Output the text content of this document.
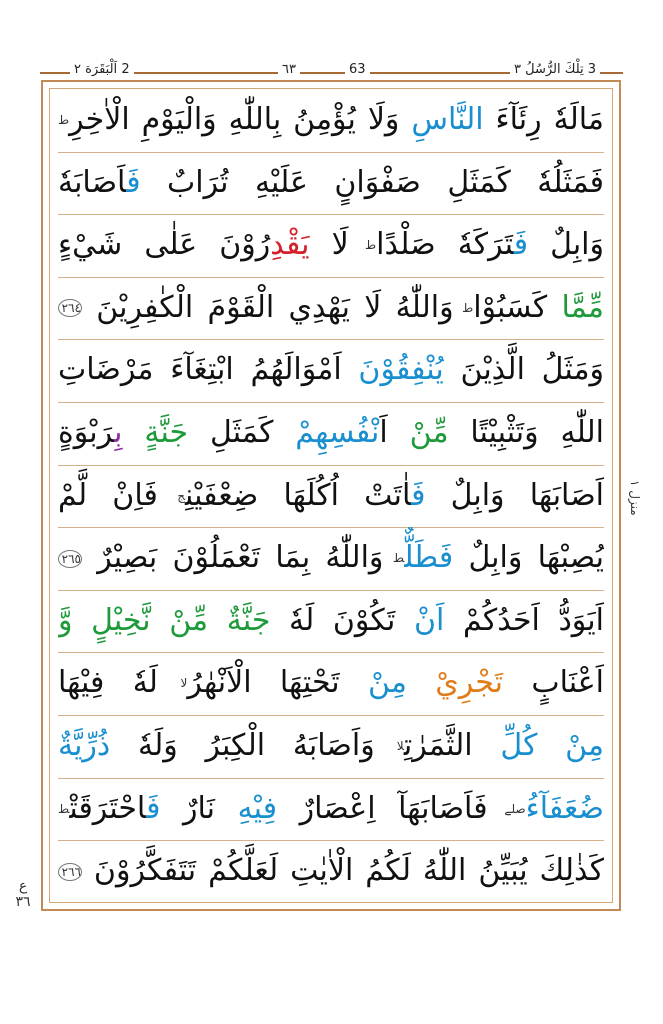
2 اَلْبَقَرَة ٢	٦٣	63	3 تِلْكَ الرُّسُلُ ٣
مَالَهٗ رِئَآءَ النَّاسِ وَلَا يُؤْمِنُ بِاللّٰهِ وَالْيَوْمِ الْاٰخِرِط
فَمَثَلُهٗ كَمَثَلِ صَفْوَانٍ عَلَيْهِ تُرَابٌ فَاَصَابَهٗ
وَابِلٌ فَتَرَكَهٗ صَلْدًاط لَا يَقْدِرُوْنَ عَلٰى شَيْءٍ
مِّمَّا كَسَبُوْاط وَاللّٰهُ لَا يَهْدِي الْقَوْمَ الْكٰفِرِيْنَ ٢٦٤
وَمَثَلُ الَّذِيْنَ يُنْفِقُوْنَ اَمْوَالَهُمُ ابْتِغَآءَ مَرْضَاتِ
اللّٰهِ وَتَثْبِيْتًا مِّنْ اَنْفُسِهِمْ كَمَثَلِ جَنَّةٍ بِرَبْوَةٍ
اَصَابَهَا وَابِلٌ فَاٰتَتْ اُكُلَهَا ضِعْفَيْنِج فَاِنْ لَّمْ
يُصِبْهَا وَابِلٌ فَطَلٌّط وَاللّٰهُ بِمَا تَعْمَلُوْنَ بَصِيْرٌ ٢٦٥
اَيَوَدُّ اَحَدُكُمْ اَنْ تَكُوْنَ لَهٗ جَنَّةٌ مِّنْ نَّخِيْلٍ وَّ
اَعْنَابٍ تَجْرِيْ مِنْ تَحْتِهَا الْاَنْهٰرُلا لَهٗ فِيْهَا
مِنْ كُلِّ الثَّمَرٰتِلا وَاَصَابَهُ الْكِبَرُ وَلَهٗ ذُرِّيَّةٌ
ضُعَفَآءُصلے فَاَصَابَهَآ اِعْصَارٌ فِيْهِ نَارٌ فَاحْتَرَقَتْط
كَذٰلِكَ يُبَيِّنُ اللّٰهُ لَكُمُ الْاٰيٰتِ لَعَلَّكُمْ تَتَفَكَّرُوْنَ ٢٦٦
منزل ١
ع ٣٦
